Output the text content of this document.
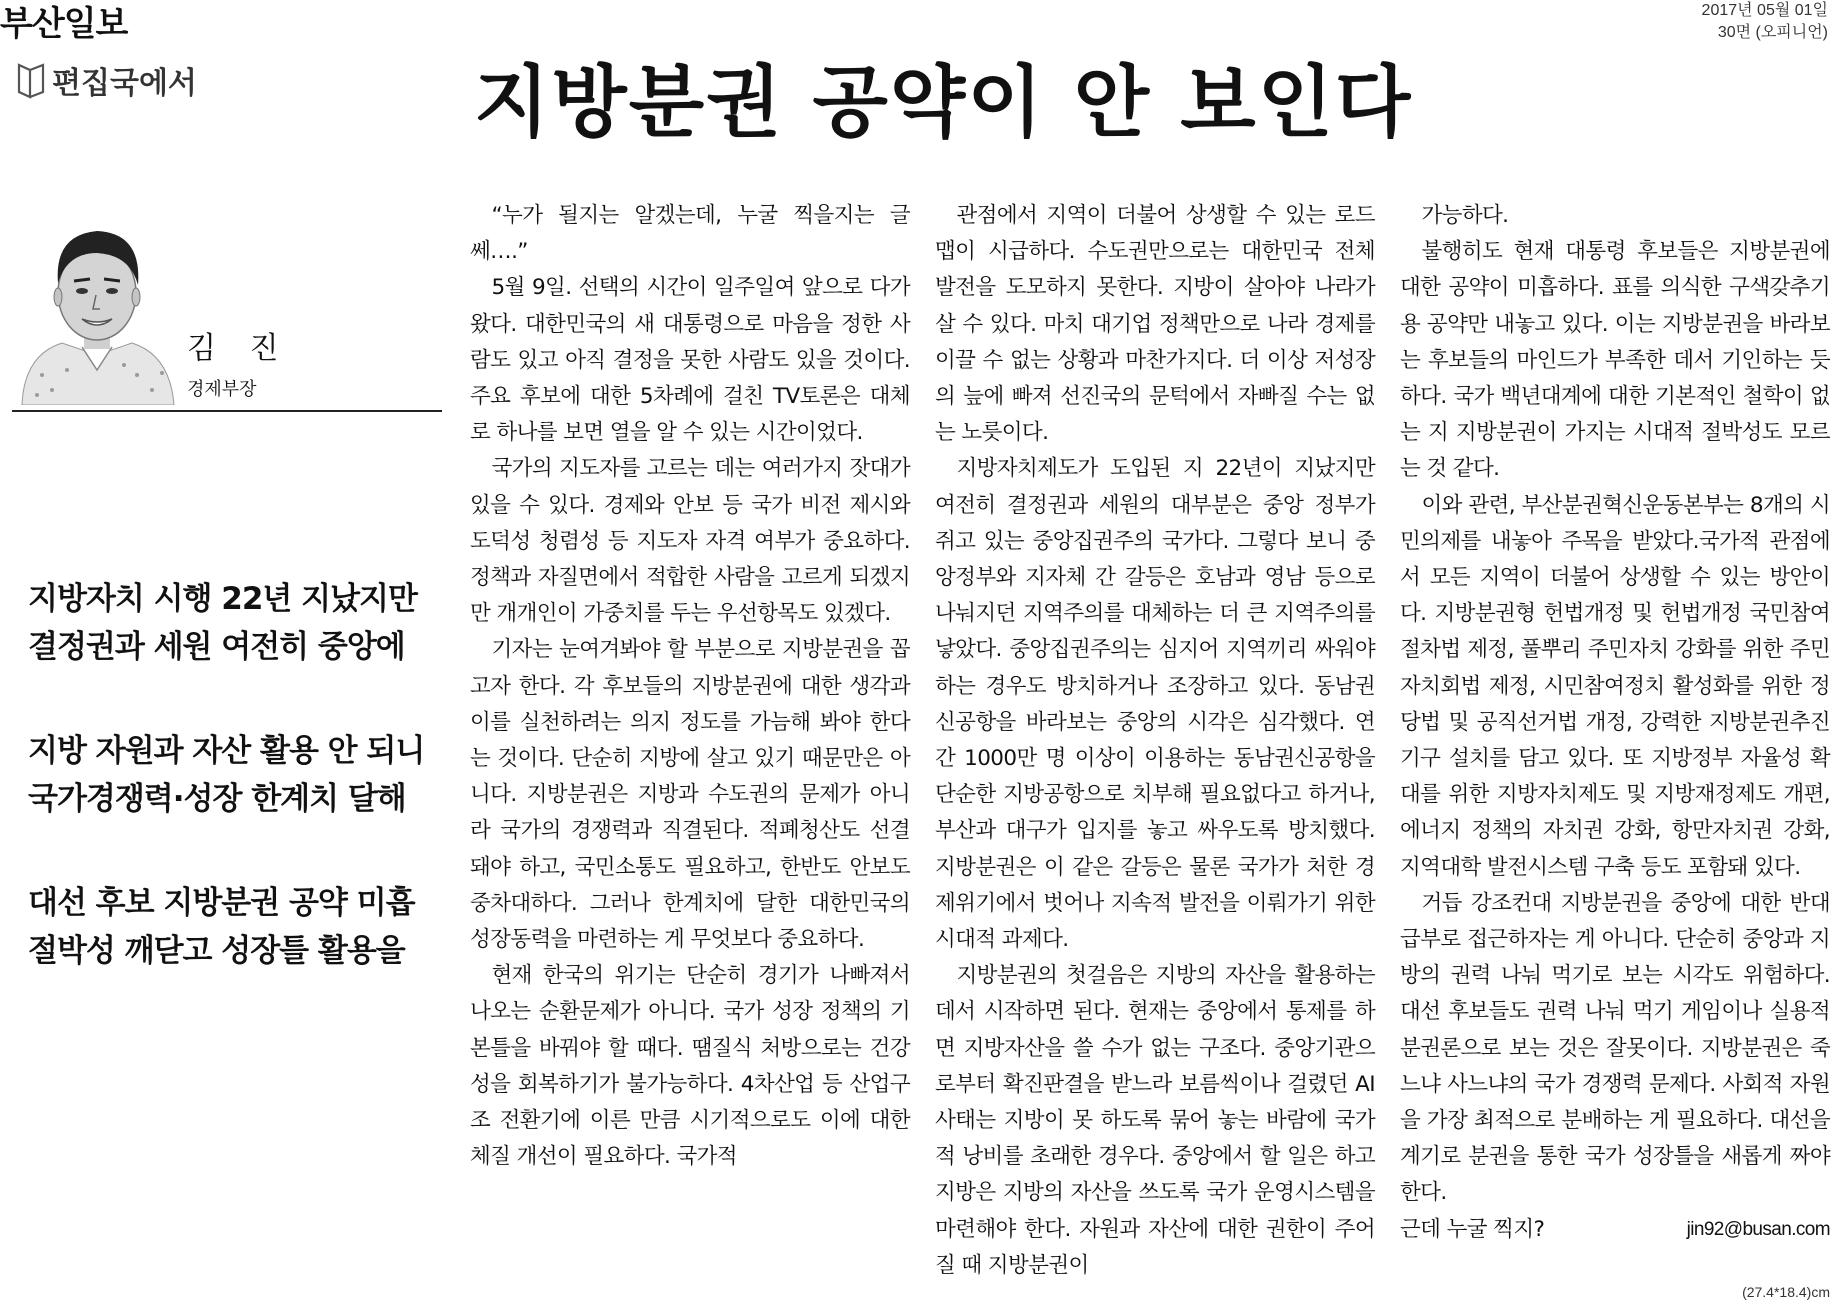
부산일보	2017년 05월 01일
30면 (오피니언)
편집국에서	지방분권 공약이 안 보인다
김 진
경제부장
지방자치 시행 22년 지났지만
결정권과 세원 여전히 중앙에
지방 자원과 자산 활용 안 되니
국가경쟁력·성장 한계치 달해
대선 후보 지방분권 공약 미흡
절박성 깨닫고 성장틀 활용을

“누가 될지는 알겠는데, 누굴 찍을지는 글쎄….”

5월 9일. 선택의 시간이 일주일여 앞으로 다가왔다. 대한민국의 새 대통령으로 마음을 정한 사람도 있고 아직 결정을 못한 사람도 있을 것이다. 주요 후보에 대한 5차례에 걸친 TV토론은 대체로 하나를 보면 열을 알 수 있는 시간이었다.

국가의 지도자를 고르는 데는 여러가지 잣대가 있을 수 있다. 경제와 안보 등 국가 비전 제시와 도덕성 청렴성 등 지도자 자격 여부가 중요하다. 정책과 자질면에서 적합한 사람을 고르게 되겠지만 개개인이 가중치를 두는 우선항목도 있겠다.

기자는 눈여겨봐야 할 부분으로 지방분권을 꼽고자 한다. 각 후보들의 지방분권에 대한 생각과 이를 실천하려는 의지 정도를 가늠해 봐야 한다는 것이다. 단순히 지방에 살고 있기 때문만은 아니다. 지방분권은 지방과 수도권의 문제가 아니라 국가의 경쟁력과 직결된다. 적폐청산도 선결돼야 하고, 국민소통도 필요하고, 한반도 안보도 중차대하다. 그러나 한계치에 달한 대한민국의 성장동력을 마련하는 게 무엇보다 중요하다.

현재 한국의 위기는 단순히 경기가 나빠져서 나오는 순환문제가 아니다. 국가 성장 정책의 기본틀을 바꿔야 할 때다. 땜질식 처방으로는 건강성을 회복하기가 불가능하다. 4차산업 등 산업구조 전환기에 이른 만큼 시기적으로도 이에 대한 체질 개선이 필요하다. 국가적

관점에서 지역이 더불어 상생할 수 있는 로드맵이 시급하다. 수도권만으로는 대한민국 전체 발전을 도모하지 못한다. 지방이 살아야 나라가 살 수 있다. 마치 대기업 정책만으로 나라 경제를 이끌 수 없는 상황과 마찬가지다. 더 이상 저성장의 늪에 빠져 선진국의 문턱에서 자빠질 수는 없는 노릇이다.

지방자치제도가 도입된 지 22년이 지났지만 여전히 결정권과 세원의 대부분은 중앙 정부가 쥐고 있는 중앙집권주의 국가다. 그렇다 보니 중앙정부와 지자체 간 갈등은 호남과 영남 등으로 나눠지던 지역주의를 대체하는 더 큰 지역주의를 낳았다. 중앙집권주의는 심지어 지역끼리 싸워야 하는 경우도 방치하거나 조장하고 있다. 동남권신공항을 바라보는 중앙의 시각은 심각했다. 연간 1000만 명 이상이 이용하는 동남권신공항을 단순한 지방공항으로 치부해 필요없다고 하거나, 부산과 대구가 입지를 놓고 싸우도록 방치했다. 지방분권은 이 같은 갈등은 물론 국가가 처한 경제위기에서 벗어나 지속적 발전을 이뤄가기 위한 시대적 과제다.

지방분권의 첫걸음은 지방의 자산을 활용하는 데서 시작하면 된다. 현재는 중앙에서 통제를 하면 지방자산을 쓸 수가 없는 구조다. 중앙기관으로부터 확진판결을 받느라 보름씩이나 걸렸던 AI사태는 지방이 못 하도록 묶어 놓는 바람에 국가적 낭비를 초래한 경우다. 중앙에서 할 일은 하고 지방은 지방의 자산을 쓰도록 국가 운영시스템을 마련해야 한다. 자원과 자산에 대한 권한이 주어질 때 지방분권이

가능하다.

불행히도 현재 대통령 후보들은 지방분권에 대한 공약이 미흡하다. 표를 의식한 구색갖추기용 공약만 내놓고 있다. 이는 지방분권을 바라보는 후보들의 마인드가 부족한 데서 기인하는 듯하다. 국가 백년대계에 대한 기본적인 철학이 없는 지 지방분권이 가지는 시대적 절박성도 모르는 것 같다.

이와 관련, 부산분권혁신운동본부는 8개의 시민의제를 내놓아 주목을 받았다.국가적 관점에서 모든 지역이 더불어 상생할 수 있는 방안이다. 지방분권형 헌법개정 및 헌법개정 국민참여 절차법 제정, 풀뿌리 주민자치 강화를 위한 주민자치회법 제정, 시민참여정치 활성화를 위한 정당법 및 공직선거법 개정, 강력한 지방분권추진기구 설치를 담고 있다. 또 지방정부 자율성 확대를 위한 지방자치제도 및 지방재정제도 개편, 에너지 정책의 자치권 강화, 항만자치권 강화, 지역대학 발전시스템 구축 등도 포함돼 있다.

거듭 강조컨대 지방분권을 중앙에 대한 반대급부로 접근하자는 게 아니다. 단순히 중앙과 지방의 권력 나눠 먹기로 보는 시각도 위험하다. 대선 후보들도 권력 나눠 먹기 게임이나 실용적 분권론으로 보는 것은 잘못이다. 지방분권은 죽느냐 사느냐의 국가 경쟁력 문제다. 사회적 자원을 가장 최적으로 분배하는 게 필요하다. 대선을 계기로 분권을 통한 국가 성장틀을 새롭게 짜야 한다.

근데 누굴 찍지?	jin92@busan.com
(27.4*18.4)cm
